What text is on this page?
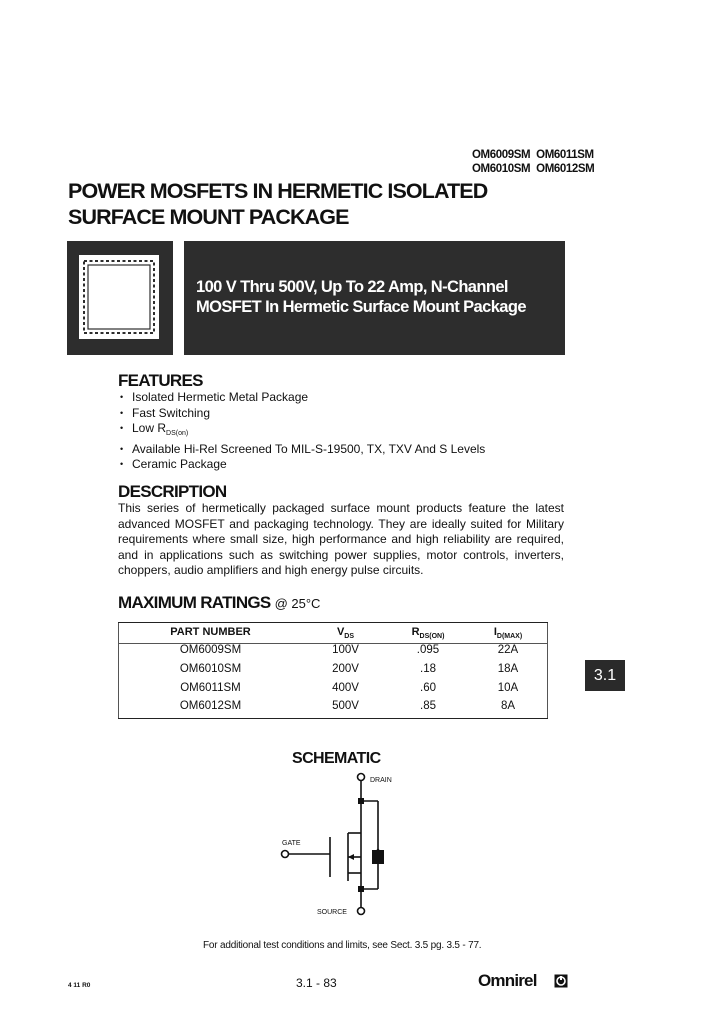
OM6009SM OM6011SM
OM6010SM OM6012SM
POWER MOSFETS IN HERMETIC ISOLATED
SURFACE MOUNT PACKAGE
100 V Thru 500V, Up To 22 Amp, N-Channel
MOSFET In Hermetic Surface Mount Package
FEATURES
• Isolated Hermetic Metal Package
• Fast Switching
• Low $R_{DS(on)}$
• Available Hi-Rel Screened To MIL-S-19500, TX, TXV And S Levels
• Ceramic Package
DESCRIPTION
This series of hermetically packaged surface mount products feature the latest advanced MOSFET and packaging technology. They are ideally suited for Military requirements where small size, high performance and high reliability are required, and in applications such as switching power supplies, motor controls, inverters, choppers, audio amplifiers and high energy pulse circuits.
MAXIMUM RATINGS @ 25°C
PART NUMBER	$V_{DS}$	$R_{DS(ON)}$	$I_{D(MAX)}$
OM6009SM	100V	.095	22A
OM6010SM	200V	.18	18A
OM6011SM	400V	.60	10A
OM6012SM	500V	.85	8A
3.1
SCHEMATIC
DRAIN
GATE
SOURCE
For additional test conditions and limits, see Sect. 3.5 pg. 3.5 - 77.
4 11 R0	3.1 - 83	Omnirel
